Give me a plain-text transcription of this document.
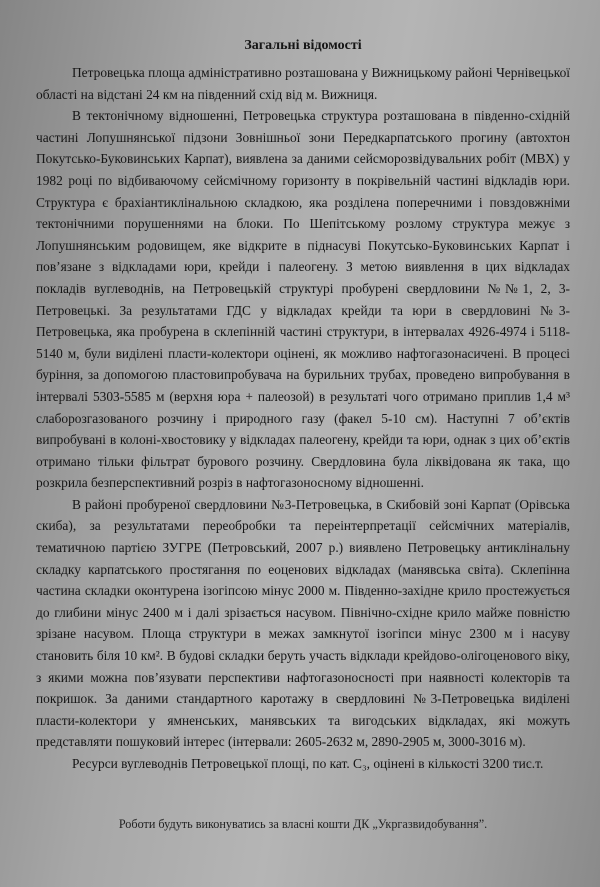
Загальні відомості

Петровецька площа адміністративно розташована у Вижницькому районі Чернівецької області на відстані 24 км на південний схід від м. Вижниця.

В тектонічному відношенні, Петровецька структура розташована в південно-східній частині Лопушнянської підзони Зовнішньої зони Передкарпатського прогину (автохтон Покутсько-Буковинських Карпат), виявлена за даними сейсморозвідувальних робіт (МВХ) у 1982 році по відбиваючому сейсмічному горизонту в покрівельній частині відкладів юри. Структура є брахіантиклінальною складкою, яка розділена поперечними і повздовжніми тектонічними порушеннями на блоки. По Шепітському розлому структура межує з Лопушнянським родовищем, яке відкрите в піднасуві Покутсько-Буковинських Карпат і пов’язане з відкладами юри, крейди і палеогену. З метою виявлення в цих відкладах покладів вуглеводнів, на Петровецькій структурі пробурені свердловини №№1, 2, 3-Петровецькі. За результатами ГДС у відкладах крейди та юри в свердловині №3-Петровецька, яка пробурена в склепінній частині структури, в інтервалах 4926-4974 і 5118-5140 м, були виділені пласти-колектори оцінені, як можливо нафтогазонасичені. В процесі буріння, за допомогою пластовипробувача на бурильних трубах, проведено випробування в інтервалі 5303-5585 м (верхня юра + палеозой) в результаті чого отримано приплив 1,4 м³ слаборозгазованого розчину і природного газу (факел 5-10 см). Наступні 7 об’єктів випробувані в колоні-хвостовику у відкладах палеогену, крейди та юри, однак з цих об’єктів отримано тільки фільтрат бурового розчину. Свердловина була ліквідована як така, що розкрила безперспективний розріз в нафтогазоносному відношенні.

В районі пробуреної свердловини №3-Петровецька, в Скибовій зоні Карпат (Орівська скиба), за результатами переобробки та переінтерпретації сейсмічних матеріалів, тематичною партією ЗУГРЕ (Петровський, 2007 р.) виявлено Петровецьку антиклінальну складку карпатського простягання по еоценових відкладах (манявська світа). Склепінна частина складки оконтурена ізогіпсою мінус 2000 м. Південно-західне крило простежується до глибини мінус 2400 м і далі зрізається насувом. Північно-східне крило майже повністю зрізане насувом. Площа структури в межах замкнутої ізогіпси мінус 2300 м і насуву становить біля 10 км². В будові складки беруть участь відклади крейдово-олігоценового віку, з якими можна пов’язувати перспективи нафтогазоносності при наявності колекторів та покришок. За даними стандартного каротажу в свердловині №3-Петровецька виділені пласти-колектори у ямненських, манявських та вигодських відкладах, які можуть представляти пошуковий інтерес (інтервали: 2605-2632 м, 2890-2905 м, 3000-3016 м).

Ресурси вуглеводнів Петровецької площі, по кат. С₃, оцінені в кількості 3200 тис.т.

Роботи будуть виконуватись за власні кошти ДК „Укргазвидобування”.
